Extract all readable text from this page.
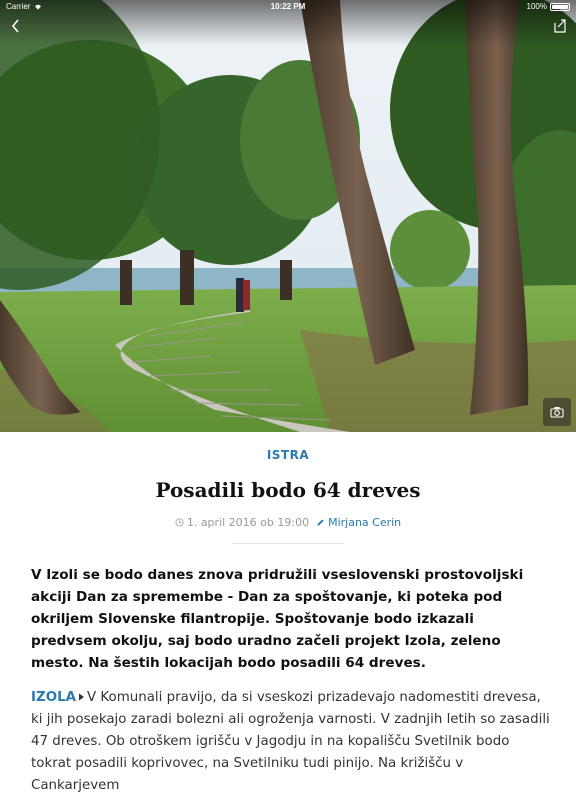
Carrier	10:22 PM	100%
ISTRA
Posadili bodo 64 dreves
1. april 2016 ob 19:00 Mirjana Cerin

V Izoli se bodo danes znova pridružili vseslovenski prostovoljski akciji Dan za spremembe - Dan za spoštovanje, ki poteka pod okriljem Slovenske filantropije. Spoštovanje bodo izkazali predvsem okolju, saj bodo uradno začeli projekt Izola, zeleno mesto. Na šestih lokacijah bodo posadili 64 dreves.

IZOLA V Komunali pravijo, da si vseskozi prizadevajo nadomestiti drevesa, ki jih posekajo zaradi bolezni ali ogroženja varnosti. V zadnjih letih so zasadili 47 dreves. Ob otroškem igrišču v Jagodju in na kopališču Svetilnik bodo tokrat posadili koprivovec, na Svetilniku tudi pinijo. Na križišču v Cankarjevem
